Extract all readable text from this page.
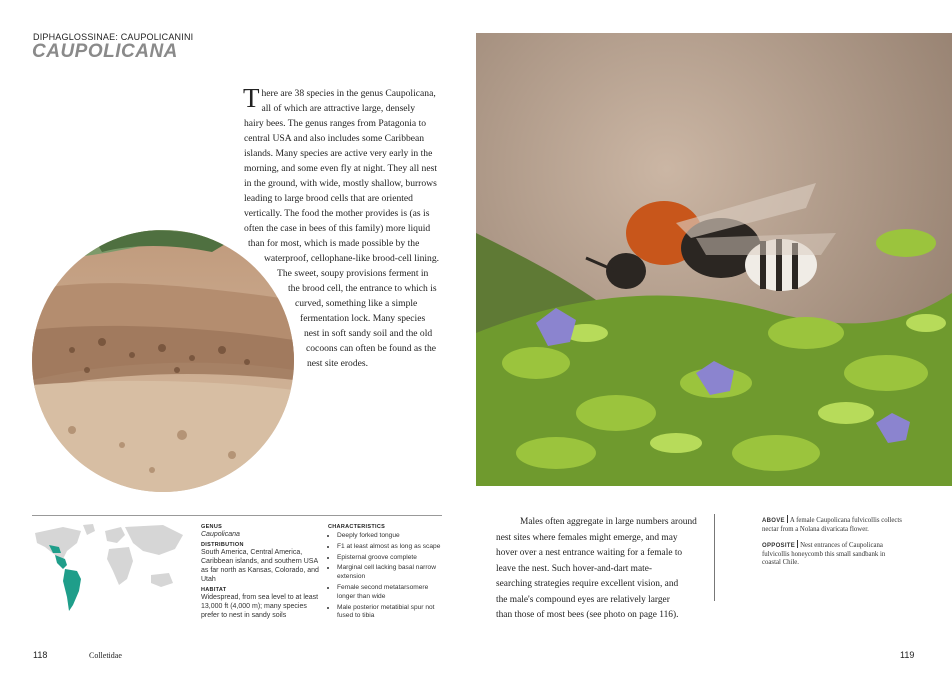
DIPHAGLOSSINAE: CAUPOLICANINI
CAUPOLICANA
T here are 38 species in the genus Caupolicana,
all of which are attractive large, densely
hairy bees. The genus ranges from Patagonia to
central USA and also includes some Caribbean
islands. Many species are active very early in the
morning, and some even fly at night. They all nest
in the ground, with wide, mostly shallow, burrows
leading to large brood cells that are oriented
vertically. The food the mother provides is (as is
often the case in bees of this family) more liquid
than for most, which is made possible by the
waterproof, cellophane-like brood-cell lining.
The sweet, soupy provisions ferment in
the brood cell, the entrance to which is
curved, something like a simple
fermentation lock. Many species
nest in soft sandy soil and the old
cocoons can often be found as the
nest site erodes.
GENUS
Caupolicana
DISTRIBUTION
South America, Central America, Caribbean islands, and southern USA as far north as Kansas, Colorado, and Utah
HABITAT
Widespread, from sea level to at least 13,000 ft (4,000 m); many species prefer to nest in sandy soils
CHARACTERISTICS
• Deeply forked tongue
• F1 at least almost as long as scape
• Episternal groove complete
• Marginal cell lacking basal narrow extension
• Female second metatarsomere longer than wide
• Male posterior metatibial spur not fused to tibia
Males often aggregate in large numbers around
nest sites where females might emerge, and may
hover over a nest entrance waiting for a female to
leave the nest. Such hover-and-dart mate-
searching strategies require excellent vision, and
the male's compound eyes are relatively larger
than those of most bees (see photo on page 116).
ABOVE A female Caupolicana fulvicollis collects nectar from a Nolana divaricata flower.
OPPOSITE Nest entrances of Caupolicana fulvicollis honeycomb this small sandbank in coastal Chile.
118	Colletidae	119
